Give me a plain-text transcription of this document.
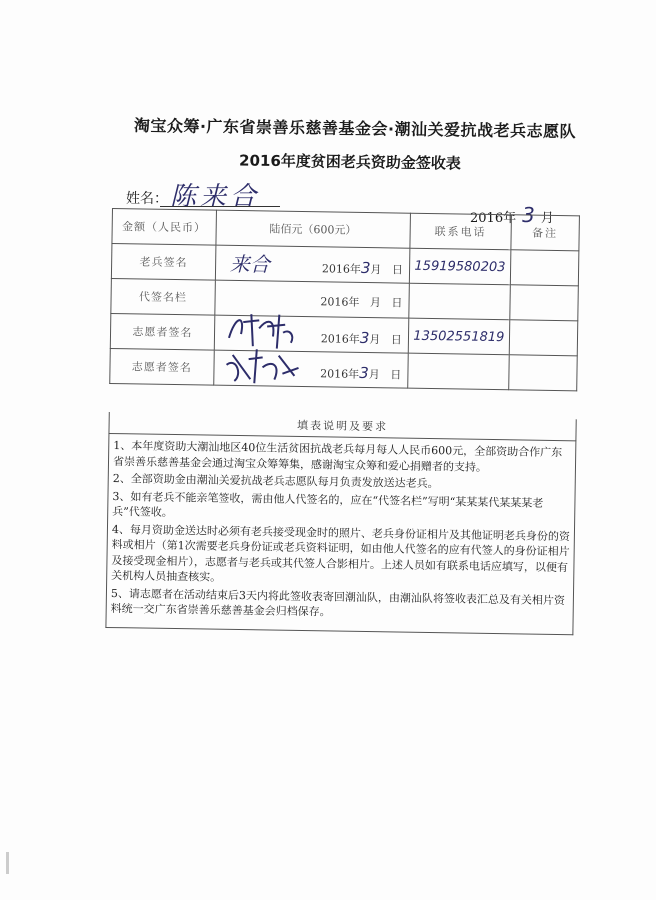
淘宝众筹·广东省崇善乐慈善基金会·潮汕关爱抗战老兵志愿队
2016年度贫困老兵资助金签收表
姓名： 陈来合
2016年 3 月
金额（人民币）	陆佰元（600元）	联系电话	备注
老兵签名	来合 2016年3月 日	15919580203	
代签名栏	2016年 月 日		

志愿者签名	2016年3月 日	13502551819	
志愿者签名	2016年3月 日		

填表说明及要求

1、本年度资助大潮汕地区40位生活贫困抗战老兵每月每人人民币600元，全部资助合作广东省崇善乐慈善基金会通过淘宝众筹筹集，感谢淘宝众筹和爱心捐赠者的支持。

2、全部资助金由潮汕关爱抗战老兵志愿队每月负责发放送达老兵。

3、如有老兵不能亲笔签收，需由他人代签名的，应在“代签名栏”写明“某某某代某某某老兵”代签收。

4、每月资助金送达时必须有老兵接受现金时的照片、老兵身份证相片及其他证明老兵身份的资料或相片（第1次需要老兵身份证或老兵资料证明，如由他人代签名的应有代签人的身份证相片及接受现金相片），志愿者与老兵或其代签人合影相片。上述人员如有联系电话应填写，以便有关机构人员抽查核实。

5、请志愿者在活动结束后3天内将此签收表寄回潮汕队，由潮汕队将签收表汇总及有关相片资料统一交广东省崇善乐慈善基金会归档保存。
